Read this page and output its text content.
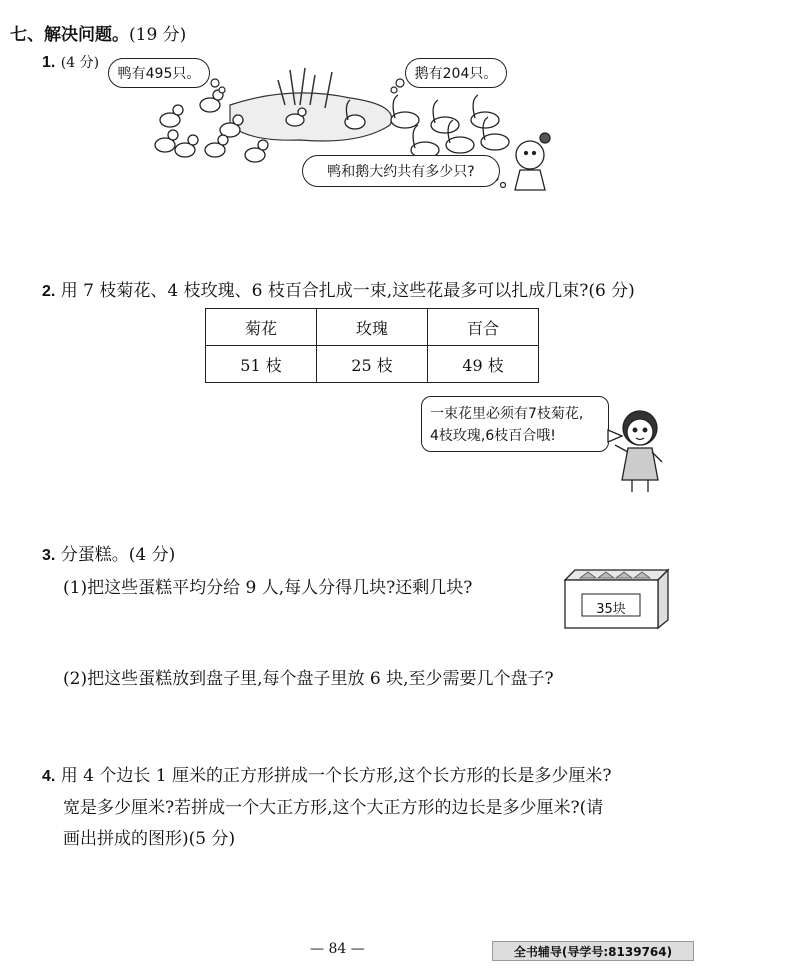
七、解决问题。(19 分)
1. (4 分)
鸭有495只。	鹅有204只。
鸭和鹅大约共有多少只?
2. 用 7 枝菊花、4 枝玫瑰、6 枝百合扎成一束,这些花最多可以扎成几束?(6 分)
菊花	玫瑰	百合
51 枝	25 枝	49 枝
一束花里必须有7枝菊花,
4枝玫瑰,6枝百合哦!
3. 分蛋糕。(4 分)
(1)把这些蛋糕平均分给 9 人,每人分得几块?还剩几块?
35块
(2)把这些蛋糕放到盘子里,每个盘子里放 6 块,至少需要几个盘子?
4. 用 4 个边长 1 厘米的正方形拼成一个长方形,这个长方形的长是多少厘米?
宽是多少厘米?若拼成一个大正方形,这个大正方形的边长是多少厘米?(请
画出拼成的图形)(5 分)
— 84 —	全书辅导(导学号:8139764)
